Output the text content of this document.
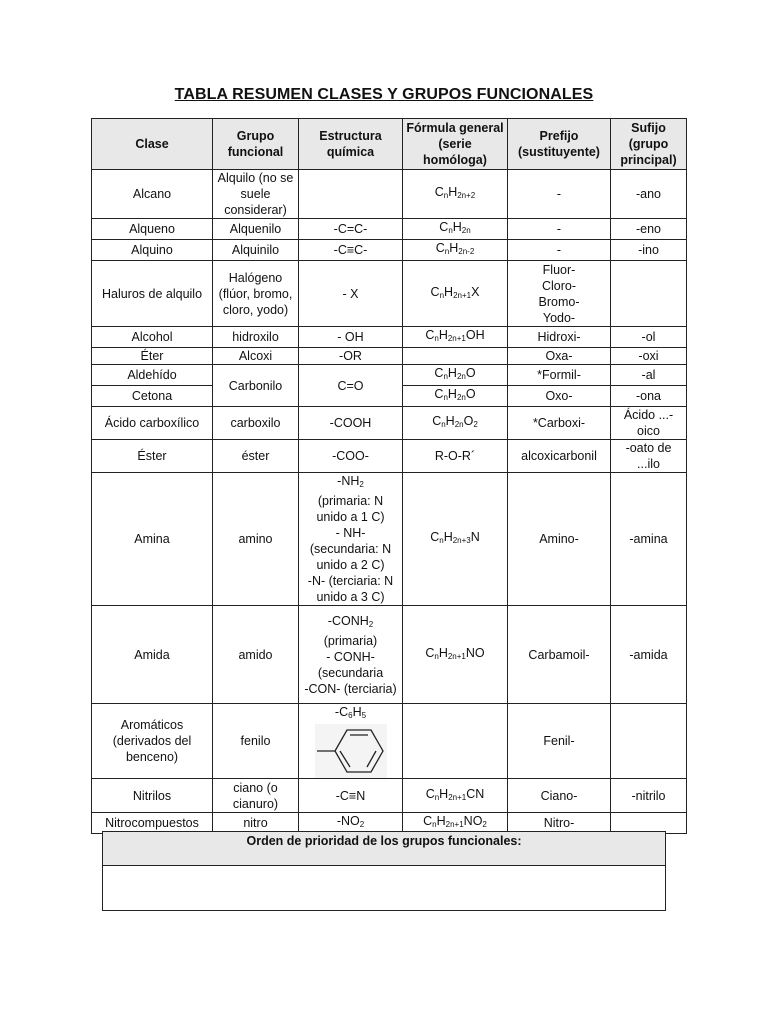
TABLA RESUMEN CLASES Y GRUPOS FUNCIONALES
Clase	Grupo funcional	Estructura química	Fórmula general (serie homóloga)	Prefijo (sustituyente)	Sufijo (grupo principal)
Alcano	Alquilo (no se suele considerar)		$C_nH_{2n+2}$	-	-ano
Alqueno	Alquenilo	-C=C-	$C_nH_{2n}$	-	-eno
Alquino	Alquinilo	-C≡C-	$C_nH_{2n-2}$	-	-ino
Haluros de alquilo	Halógeno (flúor, bromo, cloro, yodo)	- X	$C_nH_{2n+1}X$	Fluor- Cloro- Bromo- Yodo-	
Alcohol	hidroxilo	- OH	$C_nH_{2n+1}OH$	Hidroxi-	-ol
Éter	Alcoxi	-OR		Oxa-	-oxi
Aldehído	Carbonilo	C=O	$C_nH_{2n}O$	*Formil-	-al
Cetona			$C_nH_{2n}O$	Oxo-	-ona
Ácido carboxílico	carboxilo	-COOH	$C_nH_{2n}O_2$	*Carboxi-	Ácido ...-oico
Éster	éster	-COO-	R-O-R´	alcoxicarbonil	-oato de ...ilo
Amina	amino	$-NH_2$
(primaria: N unido a 1 C)
- NH- (secundaria: N unido a 2 C)
-N- (terciaria: N unido a 3 C)	$C_nH_{2n+3}N$	Amino-	-amina
Amida	amido	$-CONH_2$
(primaria)
- CONH- (secundaria
-CON- (terciaria)	$C_nH_{2n+1}NO$	Carbamoil-	-amida
Aromáticos (derivados del benceno)	fenilo	$-C_6H_5$		Fenil-	
Nitrilos	ciano (o cianuro)	-C≡N	$C_nH_{2n+1}CN$	Ciano-	-nitrilo
Nitrocompuestos	nitro	$-NO_2$	$C_nH_{2n+1}NO_2$	Nitro-	
Orden de prioridad de los grupos funcionales:
